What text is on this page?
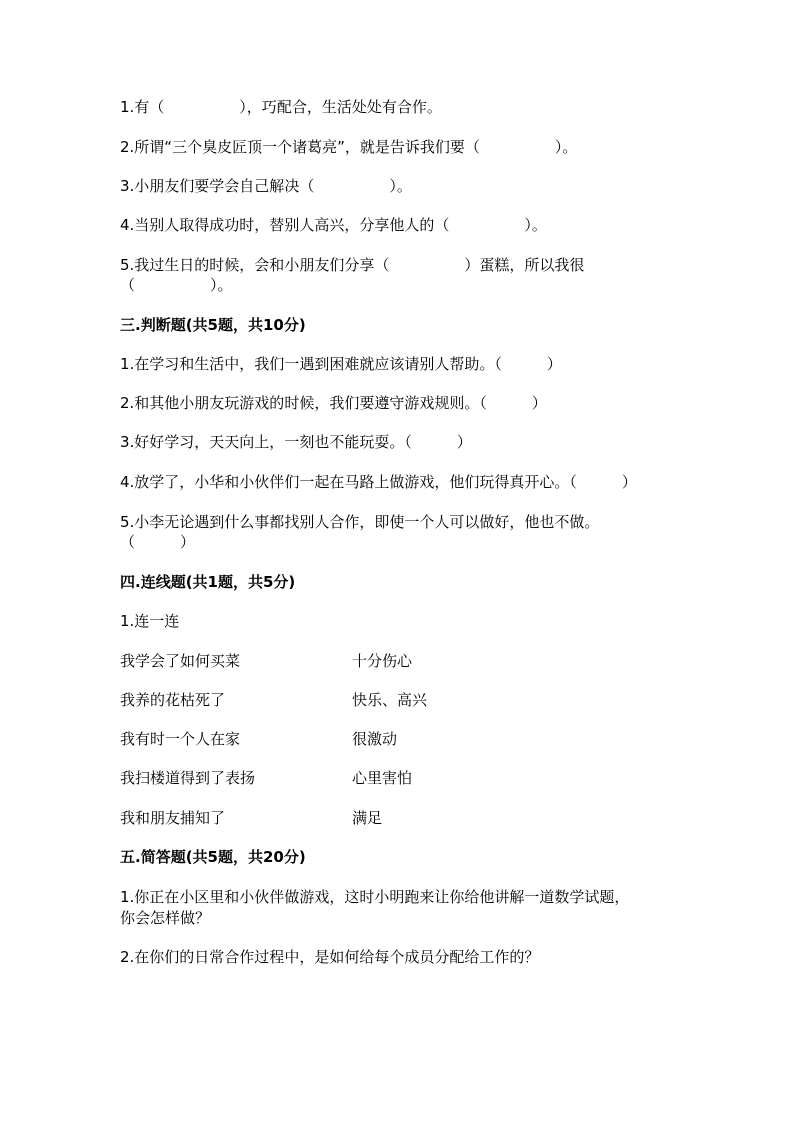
1.有（　　　　　），巧配合，生活处处有合作。
2.所谓“三个臭皮匠顶一个诸葛亮”，就是告诉我们要（　　　　　）。
3.小朋友们要学会自己解决（　　　　　）。
4.当别人取得成功时，替别人高兴，分享他人的（　　　　　）。
5.我过生日的时候，会和小朋友们分享（　　　　　）蛋糕，所以我很
（　　　　　）。
三.判断题(共5题，共10分)
1.在学习和生活中，我们一遇到困难就应该请别人帮助。（　　　）
2.和其他小朋友玩游戏的时候，我们要遵守游戏规则。（　　　）
3.好好学习，天天向上，一刻也不能玩耍。（　　　）
4.放学了，小华和小伙伴们一起在马路上做游戏，他们玩得真开心。（　　　）
5.小李无论遇到什么事都找别人合作，即使一个人可以做好，他也不做。
（　　　）
四.连线题(共1题，共5分)
1.连一连
我学会了如何买菜	十分伤心
我养的花枯死了	快乐、高兴
我有时一个人在家	很激动
我扫楼道得到了表扬	心里害怕
我和朋友捕知了	满足
五.简答题(共5题，共20分)
1.你正在小区里和小伙伴做游戏，这时小明跑来让你给他讲解一道数学试题，
你会怎样做？
2.在你们的日常合作过程中，是如何给每个成员分配给工作的？
